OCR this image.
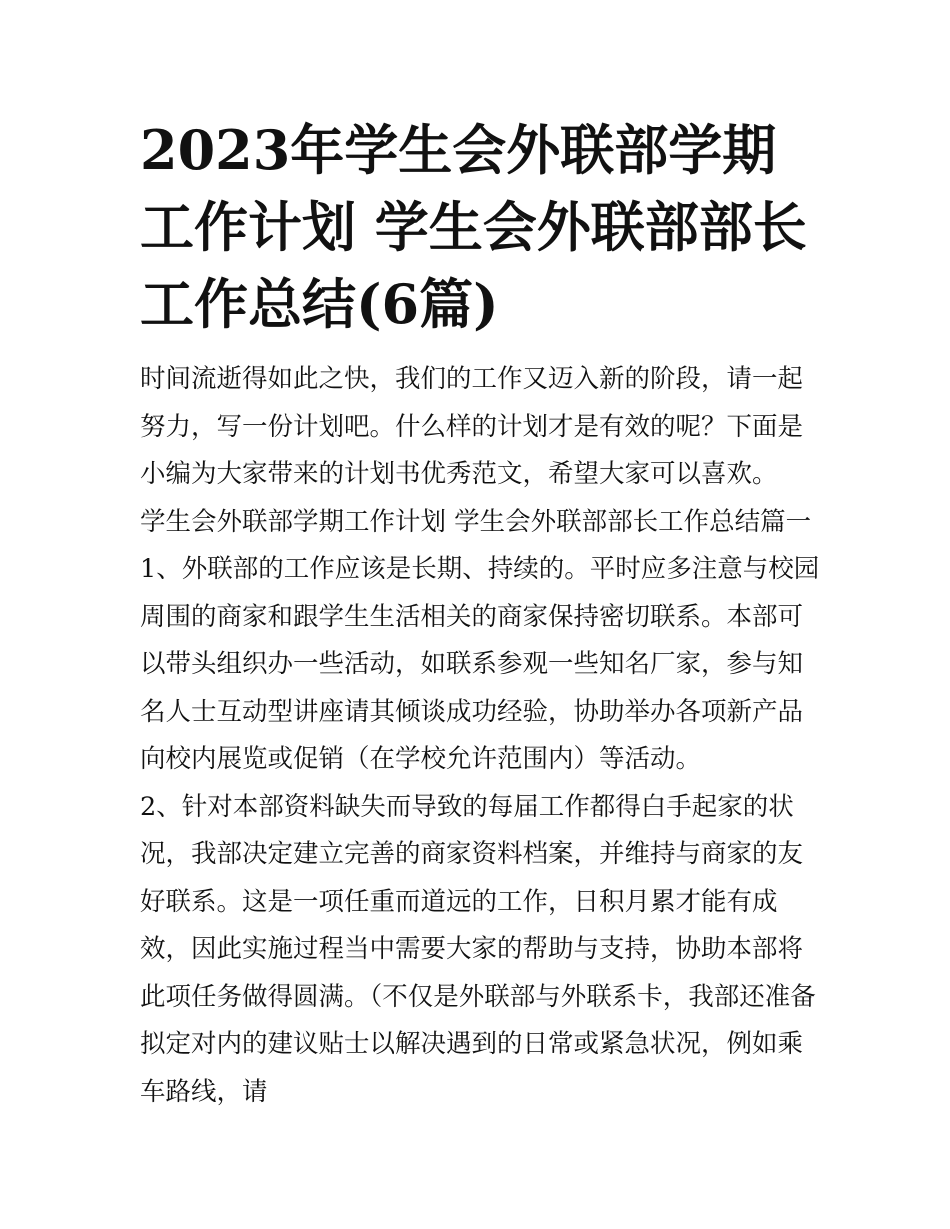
2023年学生会外联部学期工作计划 学生会外联部部长工作总结(6篇)

时间流逝得如此之快，我们的工作又迈入新的阶段，请一起努力，写一份计划吧。什么样的计划才是有效的呢？下面是小编为大家带来的计划书优秀范文，希望大家可以喜欢。

学生会外联部学期工作计划 学生会外联部部长工作总结篇一

1、外联部的工作应该是长期、持续的。平时应多注意与校园周围的商家和跟学生生活相关的商家保持密切联系。本部可以带头组织办一些活动，如联系参观一些知名厂家，参与知名人士互动型讲座请其倾谈成功经验，协助举办各项新产品向校内展览或促销（在学校允许范围内）等活动。

2、针对本部资料缺失而导致的每届工作都得白手起家的状况，我部决定建立完善的商家资料档案，并维持与商家的友好联系。这是一项任重而道远的工作，日积月累才能有成效，因此实施过程当中需要大家的帮助与支持，协助本部将此项任务做得圆满。（不仅是外联部与外联系卡，我部还准备拟定对内的建议贴士以解决遇到的日常或紧急状况，例如乘车路线，请
